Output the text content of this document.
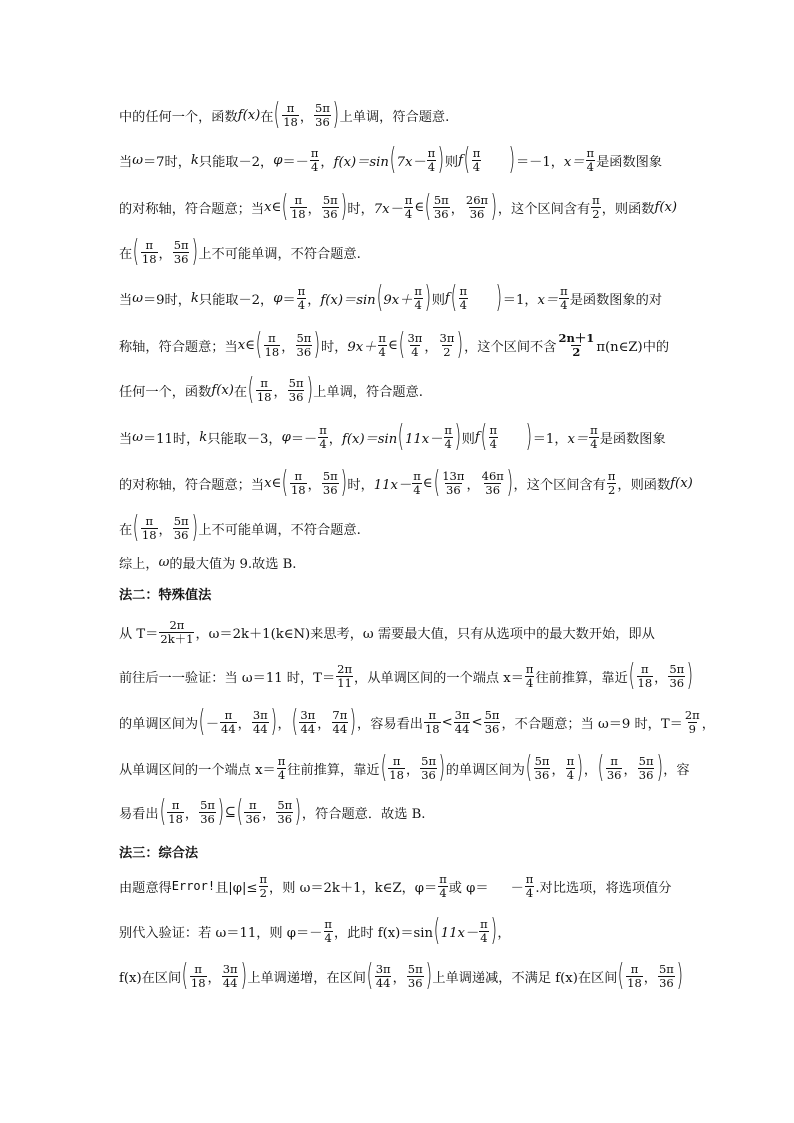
中的任何一个，函数 f(x) 在 ( $\frac{\pi}{18}$ ， $\frac{5\pi}{36}$ ) 上单调，符合题意.
当 ω ＝7 时， k 只能取 －2， $\varphi =- \frac{\pi}{4}$ ， f(x)＝sin ( $7x- \frac{\pi}{4}$ ) 则 f ( $\frac{\pi}{4}$ ) ＝－1， $x= \frac{\pi}{4}$ 是函数图象
的对称轴，符合题意；当 x∈ ( $\frac{\pi}{18}$ ， $\frac{5\pi}{36}$ ) 时， $7x- \frac{\pi}{4}$ ∈ ( $\frac{5\pi}{36}$ ， $\frac{26\pi}{36}$ ) ，这个区间含有 $\frac{\pi}{2}$ ，则函数 f(x)
在 ( $\frac{\pi}{18}$ ， $\frac{5\pi}{36}$ ) 上不可能单调，不符合题意.
当 ω ＝9 时， k 只能取 －2， $\varphi = \frac{\pi}{4}$ ， f(x)＝sin ( $9x+ \frac{\pi}{4}$ ) 则 f ( $\frac{\pi}{4}$ ) ＝1， $x= \frac{\pi}{4}$ 是函数图象的对
称轴，符合题意；当 x∈ ( $\frac{\pi}{18}$ ， $\frac{5\pi}{36}$ ) 时， $9x+ \frac{\pi}{4}$ ∈ ( $\frac{3\pi}{4}$ ， $\frac{3\pi}{2}$ ) ，这个区间不含 $\frac{2n+1}{2}$ π(n∈Z)中的
任何一个，函数 f(x) 在 ( $\frac{\pi}{18}$ ， $\frac{5\pi}{36}$ ) 上单调，符合题意.
当 ω ＝11 时， k 只能取 －3， $\varphi =- \frac{\pi}{4}$ ， f(x)＝sin ( $11x- \frac{\pi}{4}$ ) 则 f ( $\frac{\pi}{4}$ ) ＝1， $x= \frac{\pi}{4}$ 是函数图象
的对称轴，符合题意；当 x∈ ( $\frac{\pi}{18}$ ， $\frac{5\pi}{36}$ ) 时， $11x- \frac{\pi}{4}$ ∈ ( $\frac{13\pi}{36}$ ， $\frac{46\pi}{36}$ ) ，这个区间含有 $\frac{\pi}{2}$ ，则函数 f(x)
在 ( $\frac{\pi}{18}$ ， $\frac{5\pi}{36}$ ) 上不可能单调，不符合题意.
综上， ω 的最大值为 9.故选 B.
法二：特殊值法
从 $T= \frac{2\pi}{2k+1}$ ，ω＝2k＋1(k∈N)来思考，ω 需要最大值，只有从选项中的最大数开始，即从
前往后一一验证：当 ω＝11 时，$T= \frac{2\pi}{11}$ ，从单调区间的一个端点 $x= \frac{\pi}{4}$ 往前推算，靠近 ( $\frac{\pi}{18}$ ， $\frac{5\pi}{36}$ )
的单调区间为 ( － $\frac{\pi}{44}$ ， $\frac{3\pi}{44}$ ) ， ( $\frac{3\pi}{44}$ ， $\frac{7\pi}{44}$ ) ，容易看出 $\frac{\pi}{18} < \frac{3\pi}{44} < \frac{5\pi}{36}$ ，不合题意；当 ω＝9 时，$T= \frac{2\pi}{9}$ ，
从单调区间的一个端点 $x= \frac{\pi}{4}$ 往前推算，靠近 ( $\frac{\pi}{18}$ ， $\frac{5\pi}{36}$ ) 的单调区间为 ( $\frac{5\pi}{36}$ ， $\frac{\pi}{4}$ ) ， ( $\frac{\pi}{36}$ ， $\frac{5\pi}{36}$ ) ，容
易看出 ( $\frac{\pi}{18}$ ， $\frac{5\pi}{36}$ ) ⊆ ( $\frac{\pi}{36}$ ， $\frac{5\pi}{36}$ ) ，符合题意．故选 B.
法三：综合法
由题意得 Error! 且$|\varphi|\le \frac{\pi}{2}$ ，则 ω＝2k＋1，k∈Z，$\varphi= \frac{\pi}{4}$ 或 $\varphi= - \frac{\pi}{4}$ .对比选项，将选项值分
别代入验证：若 ω＝11，则 $\varphi=- \frac{\pi}{4}$ ，此时 f(x)＝sin ( $11x- \frac{\pi}{4}$ ) ，
f(x)在区间 ( $\frac{\pi}{18}$ ， $\frac{3\pi}{44}$ ) 上单调递增，在区间 ( $\frac{3\pi}{44}$ ， $\frac{5\pi}{36}$ ) 上单调递减，不满足 f(x)在区间 ( $\frac{\pi}{18}$ ， $\frac{5\pi}{36}$ )
